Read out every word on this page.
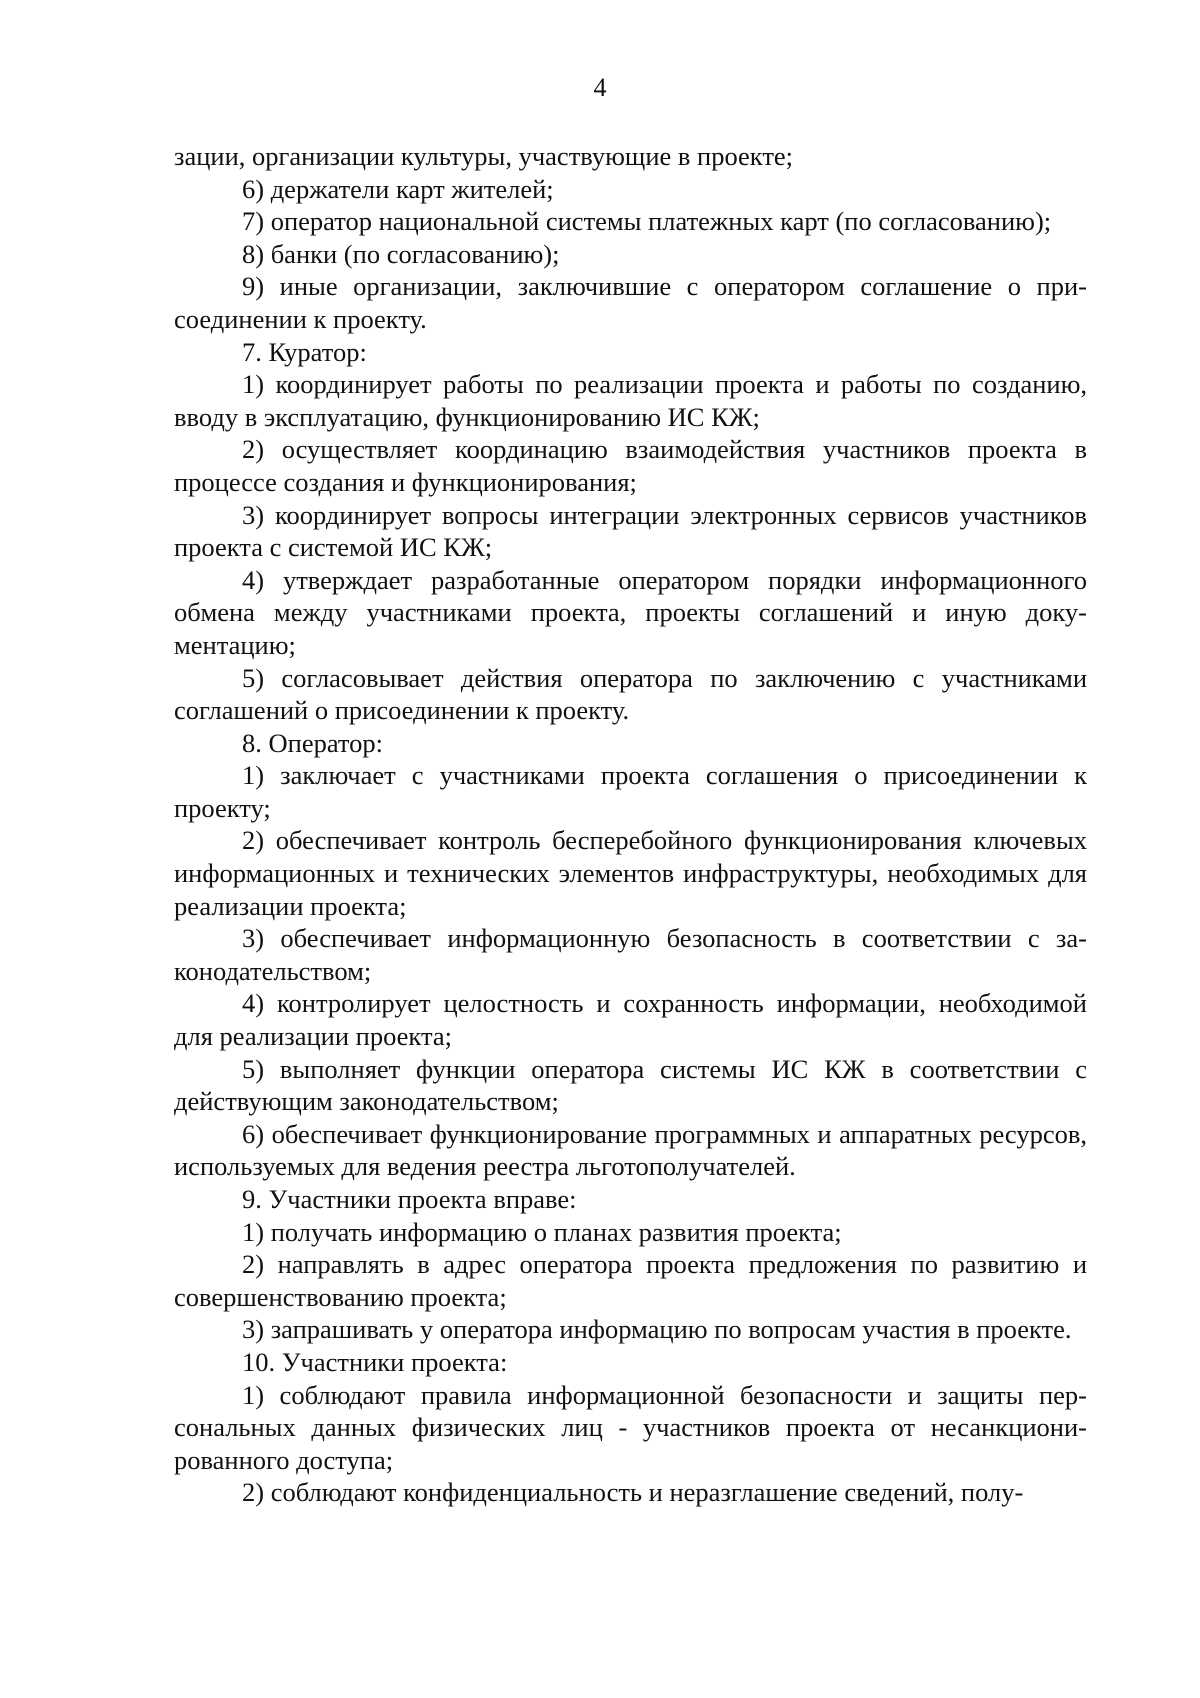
4

зации, организации культуры, участвующие в проекте;

6) держатели карт жителей;

7) оператор национальной системы платежных карт (по согласованию);

8) банки (по согласованию);

9) иные организации, заключившие с оператором соглашение о присоединении к проекту.

7. Куратор:

1) координирует работы по реализации проекта и работы по созданию, вводу в эксплуатацию, функционированию ИС КЖ;

2) осуществляет координацию взаимодействия участников проекта в процессе создания и функционирования;

3) координирует вопросы интеграции электронных сервисов участников проекта с системой ИС КЖ;

4) утверждает разработанные оператором порядки информационного обмена между участниками проекта, проекты соглашений и иную документацию;

5) согласовывает действия оператора по заключению с участниками соглашений о присоединении к проекту.

8. Оператор:

1) заключает с участниками проекта соглашения о присоединении к проекту;

2) обеспечивает контроль бесперебойного функционирования ключевых информационных и технических элементов инфраструктуры, необходимых для реализации проекта;

3) обеспечивает информационную безопасность в соответствии с законодательством;

4) контролирует целостность и сохранность информации, необходимой для реализации проекта;

5) выполняет функции оператора системы ИС КЖ в соответствии с действующим законодательством;

6) обеспечивает функционирование программных и аппаратных ресурсов, используемых для ведения реестра льготополучателей.

9. Участники проекта вправе:

1) получать информацию о планах развития проекта;

2) направлять в адрес оператора проекта предложения по развитию и совершенствованию проекта;

3) запрашивать у оператора информацию по вопросам участия в проекте.

10. Участники проекта:

1) соблюдают правила информационной безопасности и защиты персональных данных физических лиц - участников проекта от несанкционированного доступа;

2) соблюдают конфиденциальность и неразглашение сведений, полу-
